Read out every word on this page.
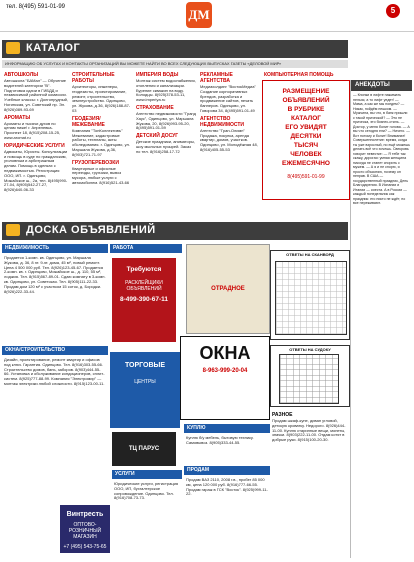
тел. 8(495) 591-01-99	ДМ	5
КАТАЛОГ
ИНФОРМАЦИЮ ОБ УСЛУГАХ И КОНТАКТЫ ОРГАНИЗАЦИЙ ВЫ МОЖЕТЕ НАЙТИ ВО ВСЕХ СЛЕДУЮЩИХ ВЫПУСКАХ ГАЗЕТЫ «ДЕЛОВОЙ МИР»
АВТОШКОЛЫ
Автошкола "БАМал" — Обучение водителей категории "B". Подготовка сдачи в ГИБДД и независимой районной комиссии. Учебные классы: г. Долгопрудный, Ногинская, ул. Советский пр. Эл. 8(926)089-93-69
АРОМАТЫ
Ароматы и тысячи духов по ценам ниже! г. Апрелевка-Проспект 18, 8(915)208-15-25, www.aromat.ru
ЮРИДИЧЕСКИЕ УСЛУГИ
Адвокаты, Юристы. Консультации и помощь в суде по гражданским, уголовным и арбитражным делам. Помощь в сделках с недвижимостью. Регистрация ООО, ИП. г. Одинцово, Можайское ш., 2а, тел. 8(495)990-27-04, 8(905)542-27-27, 8(926)640-06-33
СТРОИТЕЛЬНЫЕ РАБОТЫ
Архитекторы, инженеры, геодезисты, проектирование, ремонт, строительство, землеустройство. Одинцово, ул. Жукова, д.36, 8(926)188-87-03
ГЕОДЕЗИЯ/МЕЖЕВАНИЕ
Компания "ТопКоллективъ" Межевание, кадастровые работы, техпланы, акты обследования. г. Одинцово, ул. Маршала Жукова, д.36, 8(903)721-71-97
ГРУЗОПЕРЕВОЗКИ
Квартирные и офисные переезды, грузчики, вывоз мусора, любые услуги с автомобилем. 8(916)521-43-66
ИМПЕРИЯ ВОДЫ
Монтаж систем водоснабжения, отопления и канализации. Бурение скважин на воду. Колодцы. 8(925)378-53-11, www.imperiya.ru
СТРАХОВАНИЕ
Агентство недвижимости "Гранд Хаус", Одинцово, ул. Маршала Жукова, 20, 8(926)993-95-20, 8(495)591-01-59
ДЕТСКИЙ ДОСУГ
Детские праздники, аниматоры, шоу мыльных пузырей. Заказ по тел. 8(916)258-17-72
РЕКЛАМНЫЕ АГЕНТСТВА
Медиахолдинг "ВостокМедиа" Создание корпоративных брендов, разработка и продвижение сайтов, печать баннеров. Одинцово, ул. Говорова 34, 8(495)591-01-49
АГЕНТСТВО НЕДВИЖИМОСТИ
Агентство "Гран-Олимп" Продажа, покупка, аренда квартир, домов, участков. Одинцово, ул. Молодёжная 48, 8(916)405-55-53
КОМПЬЮТЕРНАЯ ПОМОЩЬ
РАЗМЕЩЕНИЕ
ОБЪЯВЛЕНИЙ
В РУБРИКЕ
КАТАЛОГ
ЕГО УВИДЯТ
ДЕСЯТКИ
ТЫСЯЧ
ЧЕЛОВЕК
ЕЖЕМЕСЯЧНО
8(495)591-01-99
АНЕКДОТЫ
— Кнопки в лифте нажимать нельзя, а то лифт уедет! — Мама, а как же мы поедем? — Никак, пойдём пешком. — Мужчина, вы что, в банк пришли с такой прической? — Это не прическа, это бизнес-стиль. — Доктор, у меня болит голова. — А вы что сегодня ели? — Ничего. — Вот потому и болит! Внимание! Совершеннолетие: время, когда ты уже взрослый, но ещё можешь делать всё что хочешь. Свекровь говорит невестке: — Я тебе так скажу, дорогая: умная женщина никогда не станет спорить с мужем. — А я и не спорю, я просто объясняю, почему он неправ. В США — государственный праздник, День Благодарения. В Испании и Италии — сиеста. А в России — каждый понедельник как праздник: его никто не ждёт, но все переживают.
ДОСКА ОБЪЯВЛЕНИЙ
НЕДВИЖИМОСТЬ
Продается 1-комн. кв. Одинцово, ул. Маршала Жукова, д. 36, 8 эт. 9-эт. дома, 45 м², новый ремонт. Цена 4 500 000 руб. Тел. 8(926)123-45-67. Продается 2-комн. кв. г. Одинцово, Можайское ш., д. 110, 55 м², лоджия. Тел. 8(915)567-89-01. Сдаю комнату в 3-комн. кв. Одинцово, ул. Советская. Тел. 8(905)111-22-33. Продам дом 120 м² с участком 15 соток, д. Бородки. 8(926)222-33-44.
ОКНА/СТРОИТЕЛЬСТВО
Дизайн, проектирование, ремонт квартир и офисов под ключ. Гарантия. Одинцово. Тел. 8(916)303-55-66. Строительство домов, бань, заборов. 8(903)444-55-66. Установка и обслуживание кондиционеров, сплит-систем. 8(925)777-88-99. Компания "Электромир" — монтаж электрики любой сложности. 8(915)123-00-11.
РАБОТА
Требуются
РАСКЛЕЙЩИКИ ОБЪЯВЛЕНИЙ
8-499-390-67-11
ТОРГОВЫЕ
ЦЕНТРЫ
ТЦ ПАРУС
УСЛУГИ
Юридические услуги, регистрация ООО, ИП, бухгалтерское сопровождение. Одинцово. Тел. 8(916)708-73-73.
ОТРАДНОЕ
ОКНА
8-963-999-20-04
КУПЛЮ
Куплю б/у мебель, бытовую технику. Самовывоз. 8(905)333-44-55.
ПРОДАМ
Продам ВАЗ 2110, 2008 г.в., пробег 85 000 км, цена 120 000 руб. 8(916)777-66-55. Продам гараж в ГСК "Восток". 8(925)999-11-22.
ОТВЕТЫ НА СКАНВОРД
ОТВЕТЫ НА СУДОКУ
РАЗНОЕ
Продам шкаф-купе, диван угловой, детскую кроватку. Недорого. 8(926)444-11-00. Куплю старинные вещи, монеты, значки. 8(903)222-11-00. Отдам котят в добрые руки. 8(915)100-20-30.
Винтресть
ОПТОВО-РОЗНИЧНЫЙ МАГАЗИН
+7 (495) 543-75-65
